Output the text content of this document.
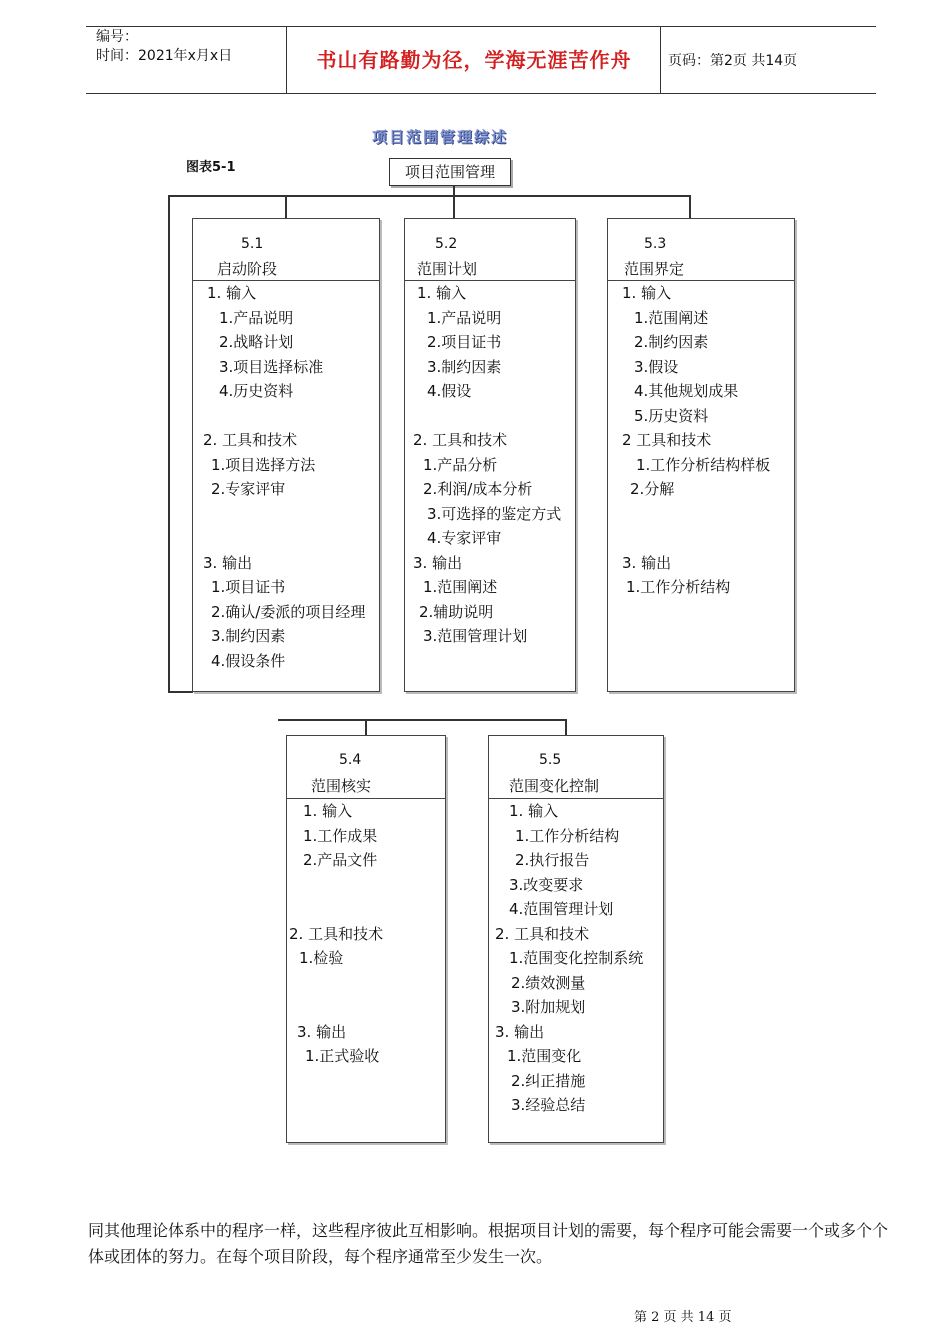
编号：
时间：2021年x月x日	书山有路勤为径，学海无涯苦作舟	页码：第2页 共14页
项目范围管理综述
图表5-1	项目范围管理
5.1
启动阶段
1. 输入
1.产品说明
2.战略计划
3.项目选择标准
4.历史资料
2. 工具和技术
1.项目选择方法
2.专家评审
3. 输出
1.项目证书
2.确认/委派的项目经理
3.制约因素
4.假设条件
5.2
范围计划
1. 输入
1.产品说明
2.项目证书
3.制约因素
4.假设
2. 工具和技术
1.产品分析
2.利润/成本分析
3.可选择的鉴定方式
4.专家评审
3. 输出
1.范围阐述
2.辅助说明
3.范围管理计划
5.3
范围界定
1. 输入
1.范围阐述
2.制约因素
3.假设
4.其他规划成果
5.历史资料
2 工具和技术
1.工作分析结构样板
2.分解
3. 输出
1.工作分析结构
5.4
范围核实
1. 输入
1.工作成果
2.产品文件
2. 工具和技术
1.检验
3. 输出
1.正式验收
5.5
范围变化控制
1. 输入
1.工作分析结构
2.执行报告
3.改变要求
4.范围管理计划
2. 工具和技术
1.范围变化控制系统
2.绩效测量
3.附加规划
3. 输出
1.范围变化
2.纠正措施
3.经验总结
同其他理论体系中的程序一样，这些程序彼此互相影响。根据项目计划的需要，每个程序可能会需要一个或多个个体或团体的努力。在每个项目阶段，每个程序通常至少发生一次。
第 2 页 共 14 页
